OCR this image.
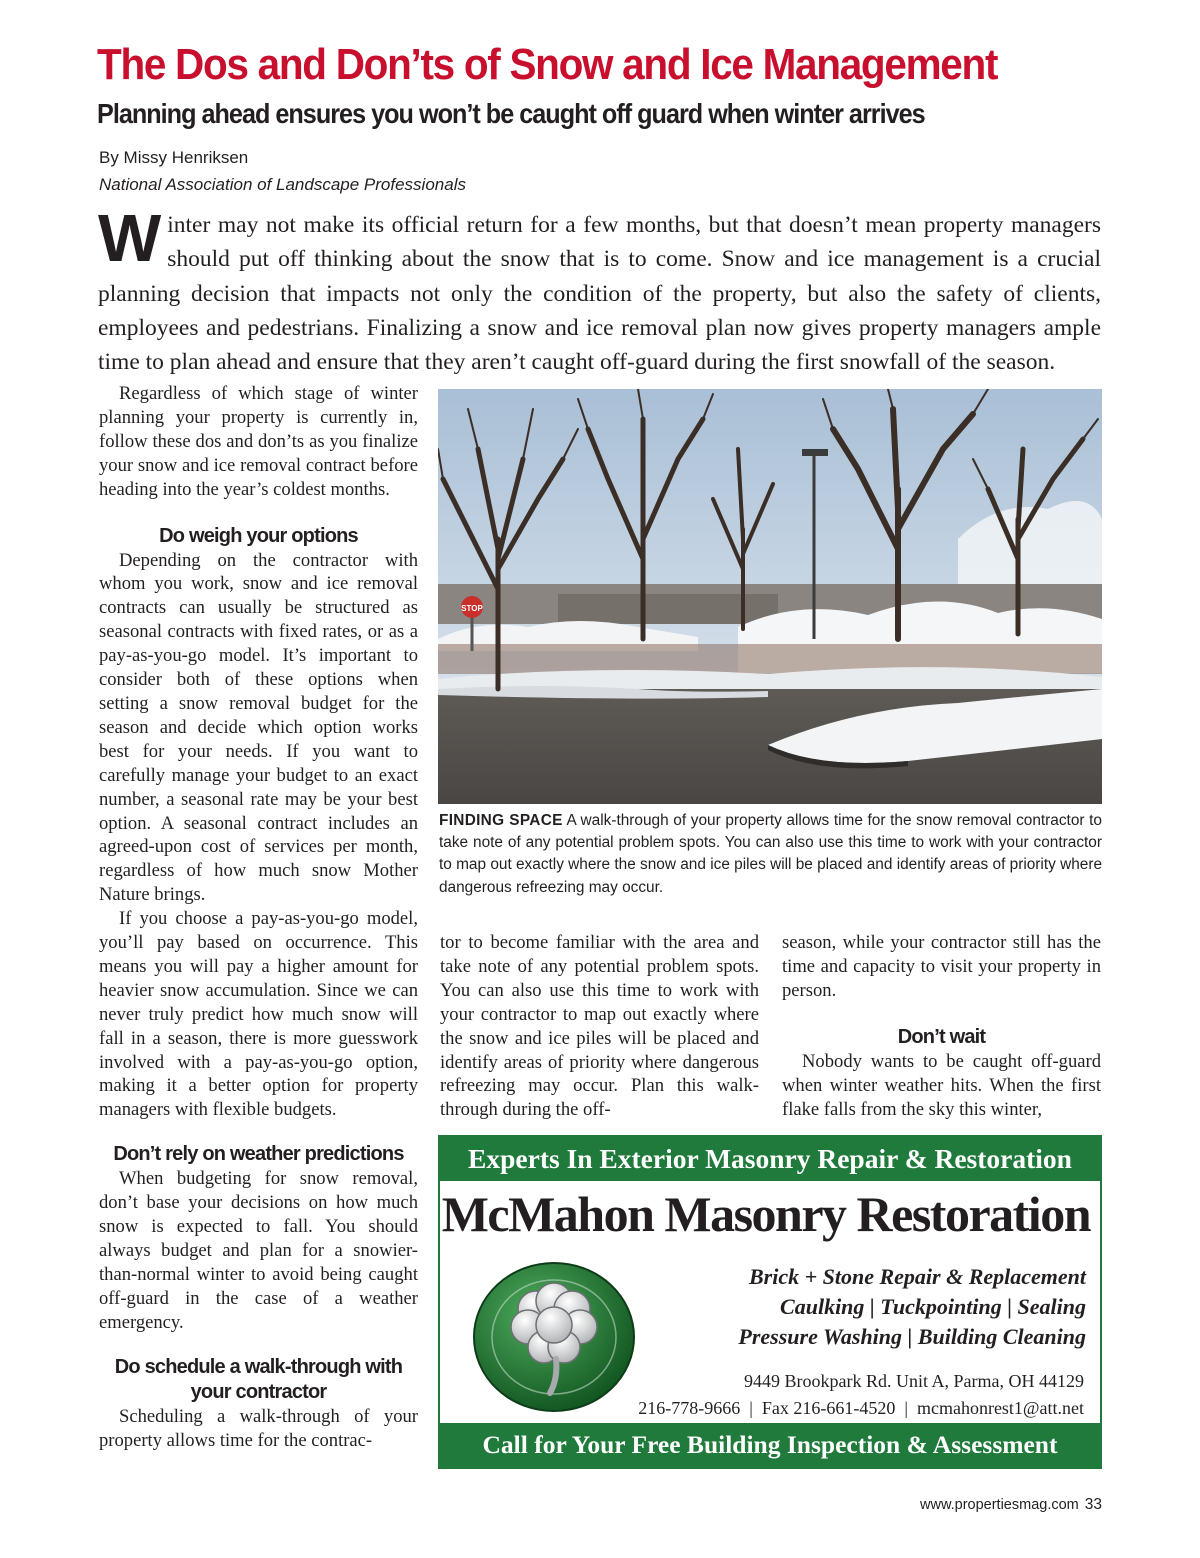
The Dos and Don’ts of Snow and Ice Management
Planning ahead ensures you won’t be caught off guard when winter arrives
By Missy Henriksen
National Association of Landscape Professionals
Winter may not make its official return for a few months, but that doesn’t mean property managers should put off thinking about the snow that is to come. Snow and ice management is a crucial planning decision that impacts not only the condition of the property, but also the safety of clients, employees and pedestrians. Finalizing a snow and ice removal plan now gives property managers ample time to plan ahead and ensure that they aren’t caught off-guard during the first snowfall of the season.

Regardless of which stage of winter planning your property is currently in, follow these dos and don’ts as you finalize your snow and ice removal contract before heading into the year’s coldest months.

Do weigh your options

Depending on the contractor with whom you work, snow and ice removal contracts can usually be structured as seasonal contracts with fixed rates, or as a pay-as-you-go model. It’s important to consider both of these options when setting a snow removal budget for the season and decide which option works best for your needs. If you want to carefully manage your budget to an exact number, a seasonal rate may be your best option. A seasonal contract includes an agreed-upon cost of services per month, regardless of how much snow Mother Nature brings.

If you choose a pay-as-you-go model, you’ll pay based on occurrence. This means you will pay a higher amount for heavier snow accumulation. Since we can never truly predict how much snow will fall in a season, there is more guesswork involved with a pay-as-you-go option, making it a better option for property managers with flexible budgets.

Don’t rely on weather predictions

When budgeting for snow removal, don’t base your decisions on how much snow is expected to fall. You should always budget and plan for a snowier-than-normal winter to avoid being caught off-guard in the case of a weather emergency.

Do schedule a walk-through with your contractor

Scheduling a walk-through of your property allows time for the contrac-

STOP
FINDING SPACE A walk-through of your property allows time for the snow removal contractor to take note of any potential problem spots. You can also use this time to work with your contractor to map out exactly where the snow and ice piles will be placed and identify areas of priority where dangerous refreezing may occur.

tor to become familiar with the area and take note of any potential problem spots. You can also use this time to work with your contractor to map out exactly where the snow and ice piles will be placed and identify areas of priority where dangerous refreezing may occur. Plan this walk-through during the off-

season, while your contractor still has the time and capacity to visit your property in person.

Don’t wait

Nobody wants to be caught off-guard when winter weather hits. When the first flake falls from the sky this winter,

Experts In Exterior Masonry Repair & Restoration
McMahon Masonry Restoration
Brick + Stone Repair & Replacement
Caulking | Tuckpointing | Sealing
Pressure Washing | Building Cleaning
9449 Brookpark Rd. Unit A, Parma, OH 44129
216-778-9666  |  Fax 216-661-4520  |  mcmahonrest1@att.net
Call for Your Free Building Inspection & Assessment
www.propertiesmag.com 33
